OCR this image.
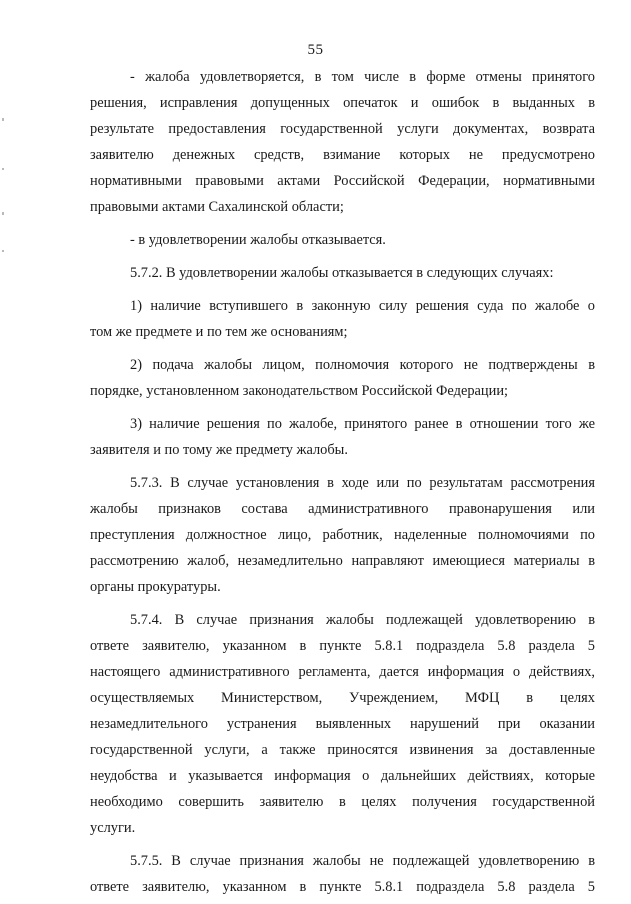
55
- жалоба удовлетворяется, в том числе в форме отмены принятого
решения, исправления допущенных опечаток и ошибок в выданных в
результате предоставления государственной услуги документах, возврата
заявителю денежных средств, взимание которых не предусмотрено
нормативными правовыми актами Российской Федерации, нормативными
правовыми актами Сахалинской области;
- в удовлетворении жалобы отказывается.
5.7.2. В удовлетворении жалобы отказывается в следующих случаях:
1) наличие вступившего в законную силу решения суда по жалобе о
том же предмете и по тем же основаниям;
2) подача жалобы лицом, полномочия которого не подтверждены в
порядке, установленном законодательством Российской Федерации;
3) наличие решения по жалобе, принятого ранее в отношении того же
заявителя и по тому же предмету жалобы.
5.7.3. В случае установления в ходе или по результатам рассмотрения
жалобы признаков состава административного правонарушения или
преступления должностное лицо, работник, наделенные полномочиями по
рассмотрению жалоб, незамедлительно направляют имеющиеся материалы в
органы прокуратуры.
5.7.4. В случае признания жалобы подлежащей удовлетворению в
ответе заявителю, указанном в пункте 5.8.1 подраздела 5.8 раздела 5
настоящего административного регламента, дается информация о действиях,
осуществляемых Министерством, Учреждением, МФЦ в целях
незамедлительного устранения выявленных нарушений при оказании
государственной услуги, а также приносятся извинения за доставленные
неудобства и указывается информация о дальнейших действиях, которые
необходимо совершить заявителю в целях получения государственной
услуги.
5.7.5. В случае признания жалобы не подлежащей удовлетворению в
ответе заявителю, указанном в пункте 5.8.1 подраздела 5.8 раздела 5
